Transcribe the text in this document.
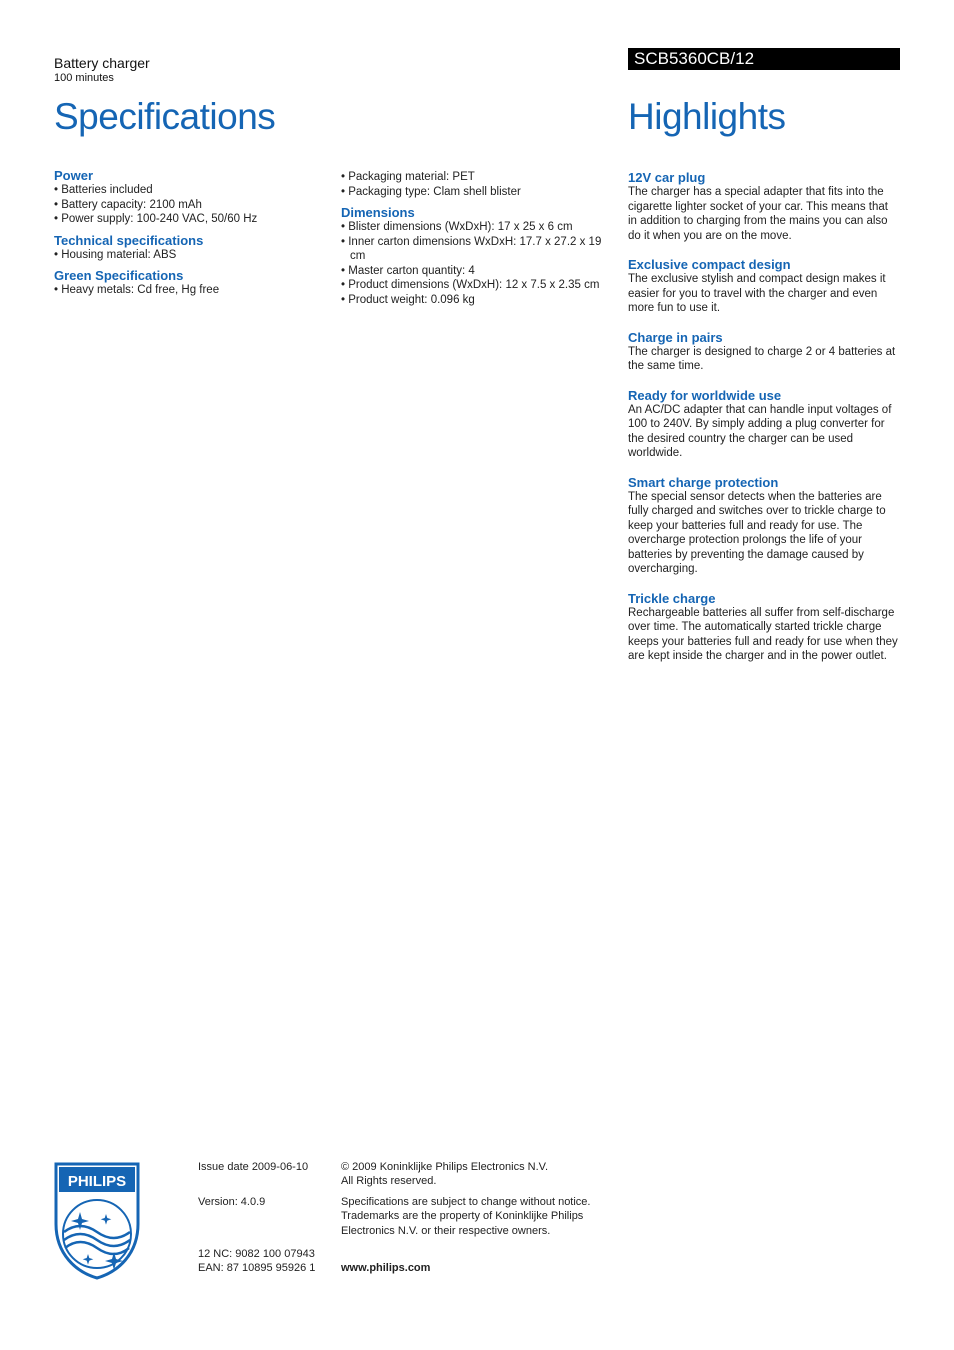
Battery charger
100 minutes
SCB5360CB/12
Specifications	Highlights

Power

• Batteries included

• Battery capacity: 2100 mAh

• Power supply: 100-240 VAC, 50/60 Hz

Technical specifications

• Housing material: ABS

Green Specifications

• Heavy metals: Cd free, Hg free

• Packaging material: PET

• Packaging type: Clam shell blister

Dimensions

• Blister dimensions (WxDxH): 17 x 25 x 6 cm

• Inner carton dimensions WxDxH: 17.7 x 27.2 x 19 cm

• Master carton quantity: 4

• Product dimensions (WxDxH): 12 x 7.5 x 2.35 cm

• Product weight: 0.096 kg

12V car plug

The charger has a special adapter that fits into the cigarette lighter socket of your car. This means that in addition to charging from the mains you can also do it when you are on the move.

Exclusive compact design

The exclusive stylish and compact design makes it easier for you to travel with the charger and even more fun to use it.

Charge in pairs

The charger is designed to charge 2 or 4 batteries at the same time.

Ready for worldwide use

An AC/DC adapter that can handle input voltages of 100 to 240V. By simply adding a plug converter for the desired country the charger can be used worldwide.

Smart charge protection

The special sensor detects when the batteries are fully charged and switches over to trickle charge to keep your batteries full and ready for use. The overcharge protection prolongs the life of your batteries by preventing the damage caused by overcharging.

Trickle charge

Rechargeable batteries all suffer from self-discharge over time. The automatically started trickle charge keeps your batteries full and ready for use when they are kept inside the charger and in the power outlet.

PHILIPS
Issue date 2009-06-10
Version: 4.0.9
12 NC: 9082 100 07943
EAN: 87 10895 95926 1
© 2009 Koninklijke Philips Electronics N.V.
All Rights reserved.
Specifications are subject to change without notice.
Trademarks are the property of Koninklijke Philips
Electronics N.V. or their respective owners.
www.philips.com
